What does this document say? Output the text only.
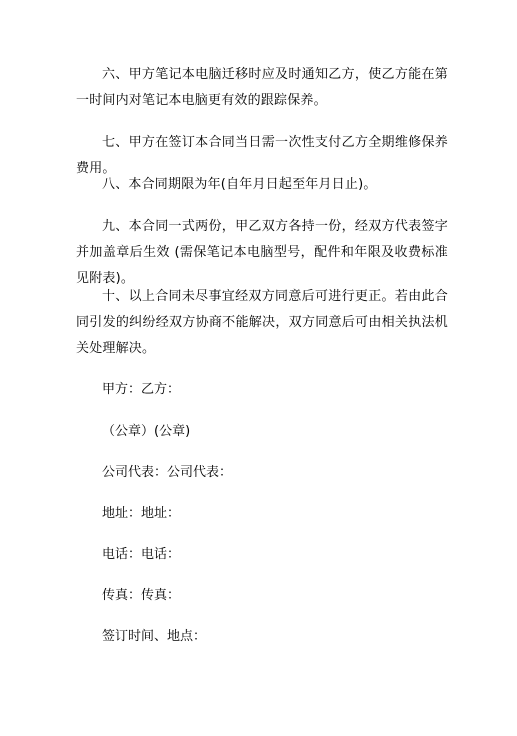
六、甲方笔记本电脑迁移时应及时通知乙方，使乙方能在第一时间内对笔记本电脑更有效的跟踪保养。

七、甲方在签订本合同当日需一次性支付乙方全期维修保养费用。

八、本合同期限为年(自年月日起至年月日止)。

九、本合同一式两份，甲乙双方各持一份，经双方代表签字并加盖章后生效 (需保笔记本电脑型号，配件和年限及收费标准见附表)。

十、以上合同未尽事宜经双方同意后可进行更正。若由此合同引发的纠纷经双方协商不能解决，双方同意后可由相关执法机关处理解决。

甲方：乙方：

（公章）(公章)

公司代表：公司代表：

地址：地址：

电话：电话：

传真：传真：

签订时间、地点：
